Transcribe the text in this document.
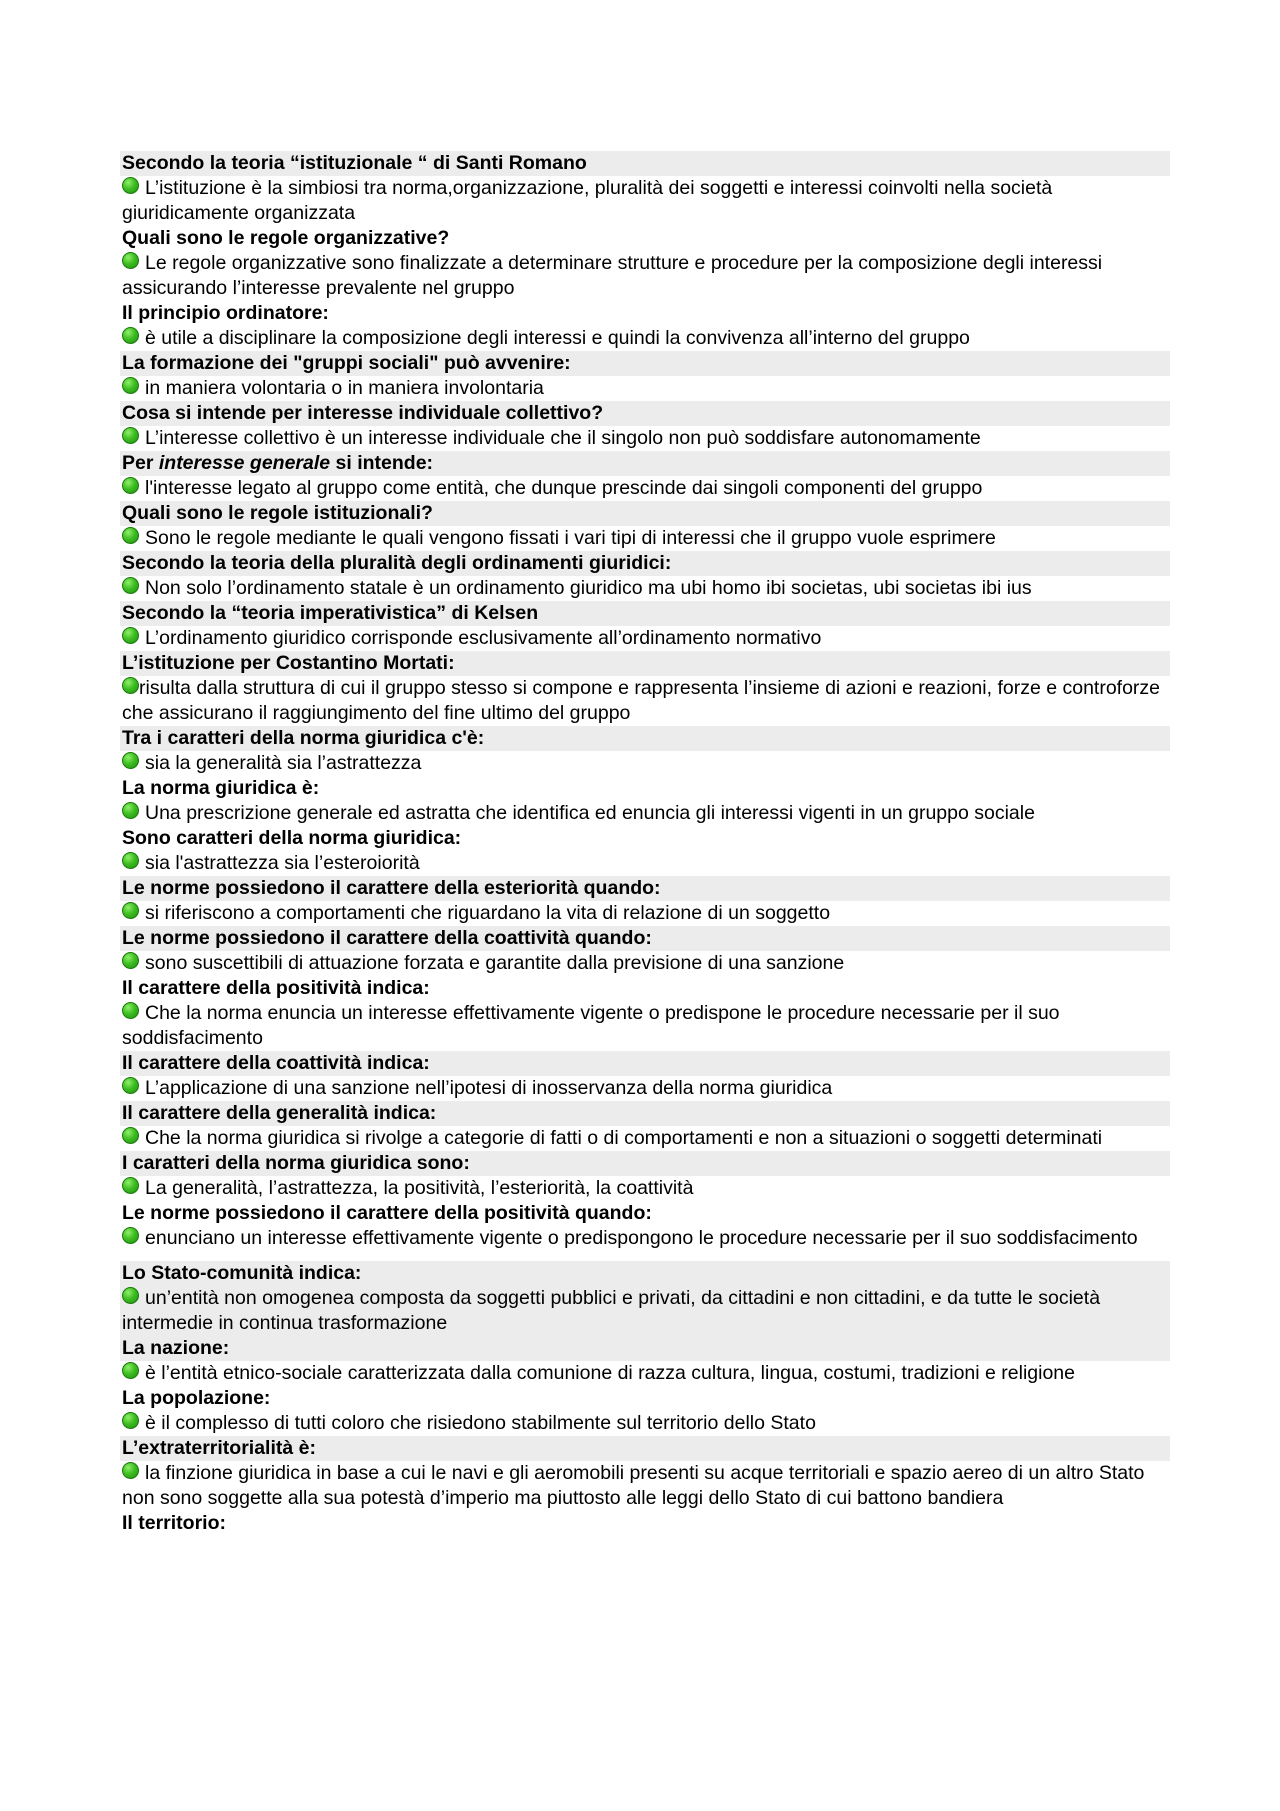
Secondo la teoria “istituzionale “ di Santi Romano
L’istituzione è la simbiosi tra norma,organizzazione, pluralità dei soggetti e interessi coinvolti nella società giuridicamente organizzata
Quali sono le regole organizzative?
Le regole organizzative sono finalizzate a determinare strutture e procedure per la composizione degli interessi assicurando l’interesse prevalente nel gruppo
Il principio ordinatore:
è utile a disciplinare la composizione degli interessi e quindi la convivenza all’interno del gruppo
La formazione dei "gruppi sociali" può avvenire:
in maniera volontaria o in maniera involontaria
Cosa si intende per interesse individuale collettivo?
L’interesse collettivo è un interesse individuale che il singolo non può soddisfare autonomamente
Per interesse generale si intende:
l'interesse legato al gruppo come entità, che dunque prescinde dai singoli componenti del gruppo
Quali sono le regole istituzionali?
Sono le regole mediante le quali vengono fissati i vari tipi di interessi che il gruppo vuole esprimere
Secondo la teoria della pluralità degli ordinamenti giuridici:
Non solo l’ordinamento statale è un ordinamento giuridico ma ubi homo ibi societas, ubi societas ibi ius
Secondo la “teoria imperativistica” di Kelsen
L’ordinamento giuridico corrisponde esclusivamente all’ordinamento normativo
L’istituzione per Costantino Mortati:
risulta dalla struttura di cui il gruppo stesso si compone e rappresenta l’insieme di azioni e reazioni, forze e controforze che assicurano il raggiungimento del fine ultimo del gruppo
Tra i caratteri della norma giuridica c'è:
sia la generalità sia l’astrattezza
La norma giuridica è:
Una prescrizione generale ed astratta che identifica ed enuncia gli interessi vigenti in un gruppo sociale
Sono caratteri della norma giuridica:
sia l'astrattezza sia l’esteroiorità
Le norme possiedono il carattere della esteriorità quando:
si riferiscono a comportamenti che riguardano la vita di relazione di un soggetto
Le norme possiedono il carattere della coattività quando:
sono suscettibili di attuazione forzata e garantite dalla previsione di una sanzione
Il carattere della positività indica:
Che la norma enuncia un interesse effettivamente vigente o predispone le procedure necessarie per il suo soddisfacimento
Il carattere della coattività indica:
L’applicazione di una sanzione nell’ipotesi di inosservanza della norma giuridica
Il carattere della generalità indica:
Che la norma giuridica si rivolge a categorie di fatti o di comportamenti e non a situazioni o soggetti determinati
I caratteri della norma giuridica sono:
La generalità, l’astrattezza, la positività, l’esteriorità, la coattività
Le norme possiedono il carattere della positività quando:
enunciano un interesse effettivamente vigente o predispongono le procedure necessarie per il suo soddisfacimento
Lo Stato-comunità indica:
un’entità non omogenea composta da soggetti pubblici e privati, da cittadini e non cittadini, e da tutte le società intermedie in continua trasformazione
La nazione:
è l’entità etnico-sociale caratterizzata dalla comunione di razza cultura, lingua, costumi, tradizioni e religione
La popolazione:
è il complesso di tutti coloro che risiedono stabilmente sul territorio dello Stato
L’extraterritorialità è:
la finzione giuridica in base a cui le navi e gli aeromobili presenti su acque territoriali e spazio aereo di un altro Stato non sono soggette alla sua potestà d’imperio ma piuttosto alle leggi dello Stato di cui battono bandiera
Il territorio:
